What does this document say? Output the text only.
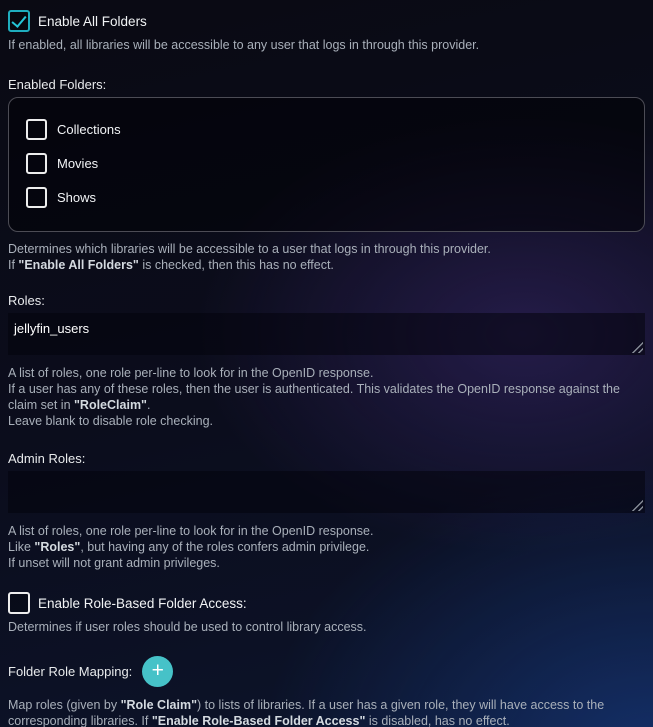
Enable All Folders
If enabled, all libraries will be accessible to any user that logs in through this provider.
Enabled Folders:
Collections
Movies
Shows
Determines which libraries will be accessible to a user that logs in through this provider.
If "Enable All Folders" is checked, then this has no effect.
Roles:
jellyfin_users
A list of roles, one role per-line to look for in the OpenID response.
If a user has any of these roles, then the user is authenticated. This validates the OpenID response against the
claim set in "RoleClaim".
Leave blank to disable role checking.
Admin Roles:
A list of roles, one role per-line to look for in the OpenID response.
Like "Roles", but having any of the roles confers admin privilege.
If unset will not grant admin privileges.
Enable Role-Based Folder Access:
Determines if user roles should be used to control library access.
Folder Role Mapping: +
Map roles (given by "Role Claim") to lists of libraries. If a user has a given role, they will have access to the
corresponding libraries. If "Enable Role-Based Folder Access" is disabled, has no effect.
